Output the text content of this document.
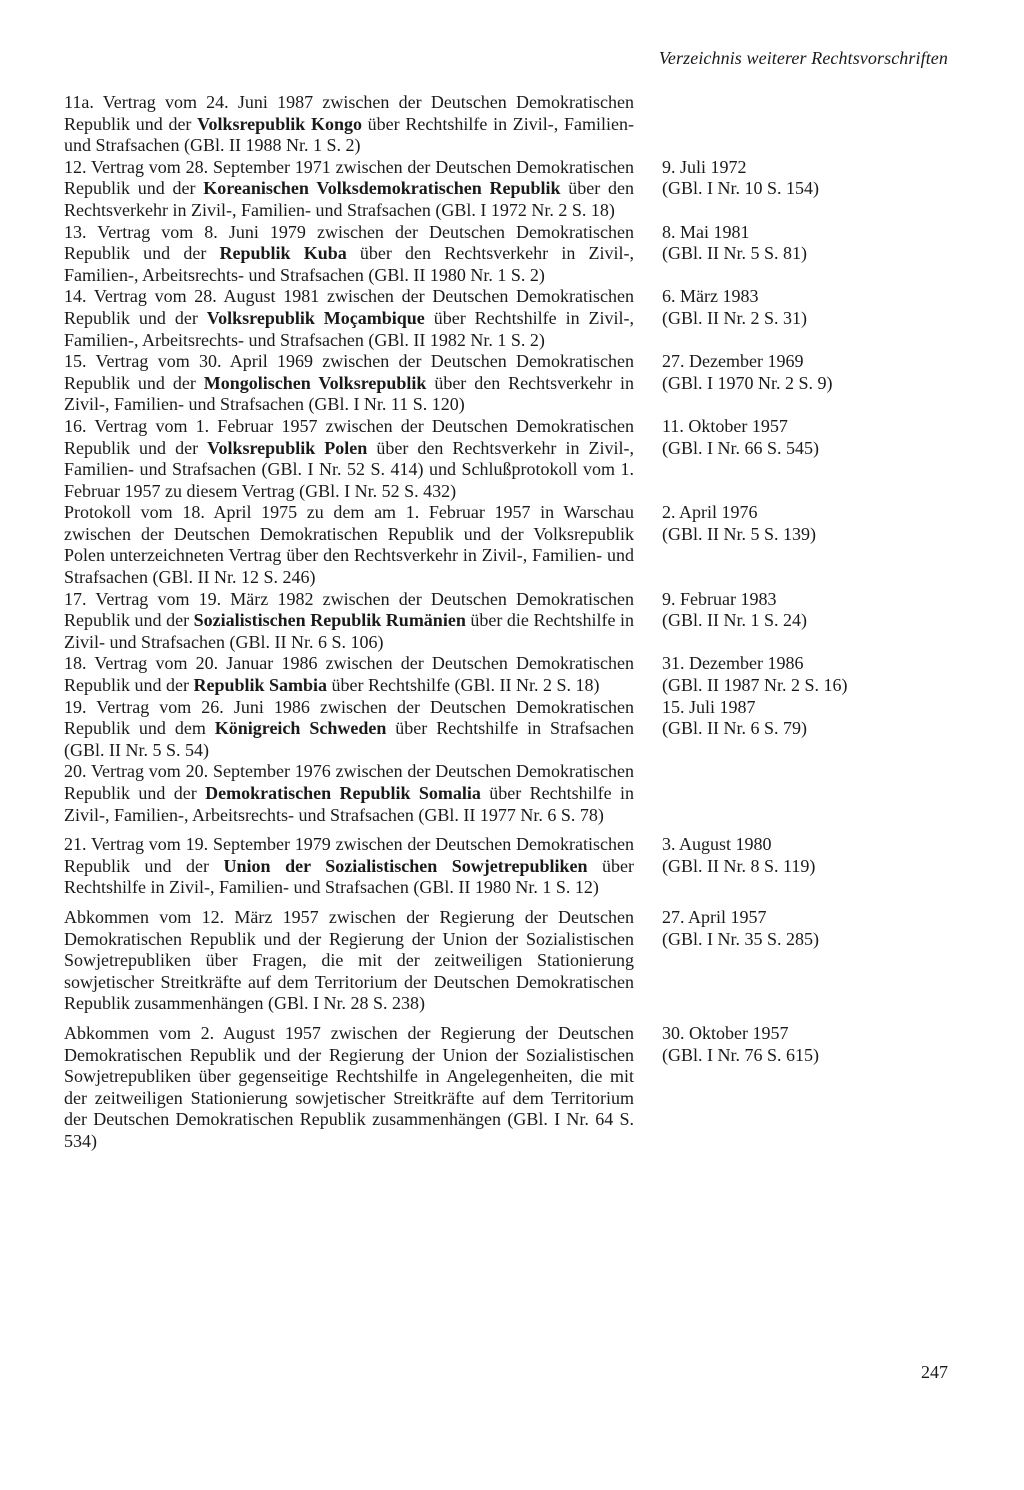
Verzeichnis weiterer Rechtsvorschriften
11a. Vertrag vom 24. Juni 1987 zwischen der Deutschen Demokratischen Republik und der Volksrepublik Kongo über Rechtshilfe in Zivil-, Familien- und Strafsachen (GBl. II 1988 Nr. 1 S. 2)
12. Vertrag vom 28. September 1971 zwischen der Deutschen Demokratischen Republik und der Koreanischen Volksdemokratischen Republik über den Rechtsverkehr in Zivil-, Familien- und Strafsachen (GBl. I 1972 Nr. 2 S. 18)
9. Juli 1972
(GBl. I Nr. 10 S. 154)
13. Vertrag vom 8. Juni 1979 zwischen der Deutschen Demokratischen Republik und der Republik Kuba über den Rechtsverkehr in Zivil-, Familien-, Arbeitsrechts- und Strafsachen (GBl. II 1980 Nr. 1 S. 2)
8. Mai 1981
(GBl. II Nr. 5 S. 81)
14. Vertrag vom 28. August 1981 zwischen der Deutschen Demokratischen Republik und der Volksrepublik Moçambique über Rechtshilfe in Zivil-, Familien-, Arbeitsrechts- und Strafsachen (GBl. II 1982 Nr. 1 S. 2)
6. März 1983
(GBl. II Nr. 2 S. 31)
15. Vertrag vom 30. April 1969 zwischen der Deutschen Demokratischen Republik und der Mongolischen Volksrepublik über den Rechtsverkehr in Zivil-, Familien- und Strafsachen (GBl. I Nr. 11 S. 120)
27. Dezember 1969
(GBl. I 1970 Nr. 2 S. 9)
16. Vertrag vom 1. Februar 1957 zwischen der Deutschen Demokratischen Republik und der Volksrepublik Polen über den Rechtsverkehr in Zivil-, Familien- und Strafsachen (GBl. I Nr. 52 S. 414) und Schlußprotokoll vom 1. Februar 1957 zu diesem Vertrag (GBl. I Nr. 52 S. 432)
11. Oktober 1957
(GBl. I Nr. 66 S. 545)
Protokoll vom 18. April 1975 zu dem am 1. Februar 1957 in Warschau zwischen der Deutschen Demokratischen Republik und der Volksrepublik Polen unterzeichneten Vertrag über den Rechtsverkehr in Zivil-, Familien- und Strafsachen (GBl. II Nr. 12 S. 246)
2. April 1976
(GBl. II Nr. 5 S. 139)
17. Vertrag vom 19. März 1982 zwischen der Deutschen Demokratischen Republik und der Sozialistischen Republik Rumänien über die Rechtshilfe in Zivil- und Strafsachen (GBl. II Nr. 6 S. 106)
9. Februar 1983
(GBl. II Nr. 1 S. 24)
18. Vertrag vom 20. Januar 1986 zwischen der Deutschen Demokratischen Republik und der Republik Sambia über Rechtshilfe (GBl. II Nr. 2 S. 18)
31. Dezember 1986
(GBl. II 1987 Nr. 2 S. 16)
19. Vertrag vom 26. Juni 1986 zwischen der Deutschen Demokratischen Republik und dem Königreich Schweden über Rechtshilfe in Strafsachen (GBl. II Nr. 5 S. 54)
15. Juli 1987
(GBl. II Nr. 6 S. 79)
20. Vertrag vom 20. September 1976 zwischen der Deutschen Demokratischen Republik und der Demokratischen Republik Somalia über Rechtshilfe in Zivil-, Familien-, Arbeitsrechts- und Strafsachen (GBl. II 1977 Nr. 6 S. 78)
21. Vertrag vom 19. September 1979 zwischen der Deutschen Demokratischen Republik und der Union der Sozialistischen Sowjetrepubliken über Rechtshilfe in Zivil-, Familien- und Strafsachen (GBl. II 1980 Nr. 1 S. 12)
3. August 1980
(GBl. II Nr. 8 S. 119)
Abkommen vom 12. März 1957 zwischen der Regierung der Deutschen Demokratischen Republik und der Regierung der Union der Sozialistischen Sowjetrepubliken über Fragen, die mit der zeitweiligen Stationierung sowjetischer Streitkräfte auf dem Territorium der Deutschen Demokratischen Republik zusammenhängen (GBl. I Nr. 28 S. 238)
27. April 1957
(GBl. I Nr. 35 S. 285)
Abkommen vom 2. August 1957 zwischen der Regierung der Deutschen Demokratischen Republik und der Regierung der Union der Sozialistischen Sowjetrepubliken über gegenseitige Rechtshilfe in Angelegenheiten, die mit der zeitweiligen Stationierung sowjetischer Streitkräfte auf dem Territorium der Deutschen Demokratischen Republik zusammenhängen (GBl. I Nr. 64 S. 534)
30. Oktober 1957
(GBl. I Nr. 76 S. 615)
247
